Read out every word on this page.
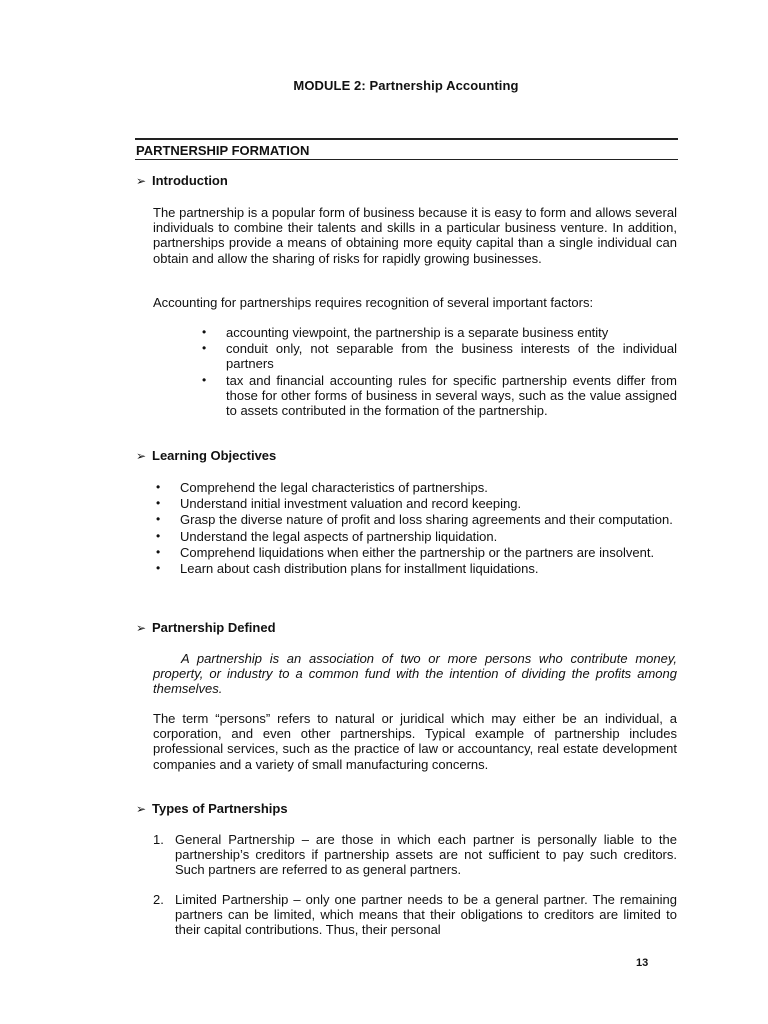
MODULE 2: Partnership Accounting
PARTNERSHIP FORMATION
➢ Introduction

The partnership is a popular form of business because it is easy to form and allows several individuals to combine their talents and skills in a particular business venture. In addition, partnerships provide a means of obtaining more equity capital than a single individual can obtain and allow the sharing of risks for rapidly growing businesses.

Accounting for partnerships requires recognition of several important factors:

• accounting viewpoint, the partnership is a separate business entity
• conduit only, not separable from the business interests of the individual partners
• tax and financial accounting rules for specific partnership events differ from those for other forms of business in several ways, such as the value assigned to assets contributed in the formation of the partnership.
➢ Learning Objectives
• Comprehend the legal characteristics of partnerships.
• Understand initial investment valuation and record keeping.
• Grasp the diverse nature of profit and loss sharing agreements and their computation.
• Understand the legal aspects of partnership liquidation.
• Comprehend liquidations when either the partnership or the partners are insolvent.
• Learn about cash distribution plans for installment liquidations.
➢ Partnership Defined

A partnership is an association of two or more persons who contribute money, property, or industry to a common fund with the intention of dividing the profits among themselves.

The term “persons” refers to natural or juridical which may either be an individual, a corporation, and even other partnerships. Typical example of partnership includes professional services, such as the practice of law or accountancy, real estate development companies and a variety of small manufacturing concerns.

➢ Types of Partnerships
1. General Partnership – are those in which each partner is personally liable to the partnership’s creditors if partnership assets are not sufficient to pay such creditors. Such partners are referred to as general partners.
2. Limited Partnership – only one partner needs to be a general partner. The remaining partners can be limited, which means that their obligations to creditors are limited to their capital contributions. Thus, their personal
13
